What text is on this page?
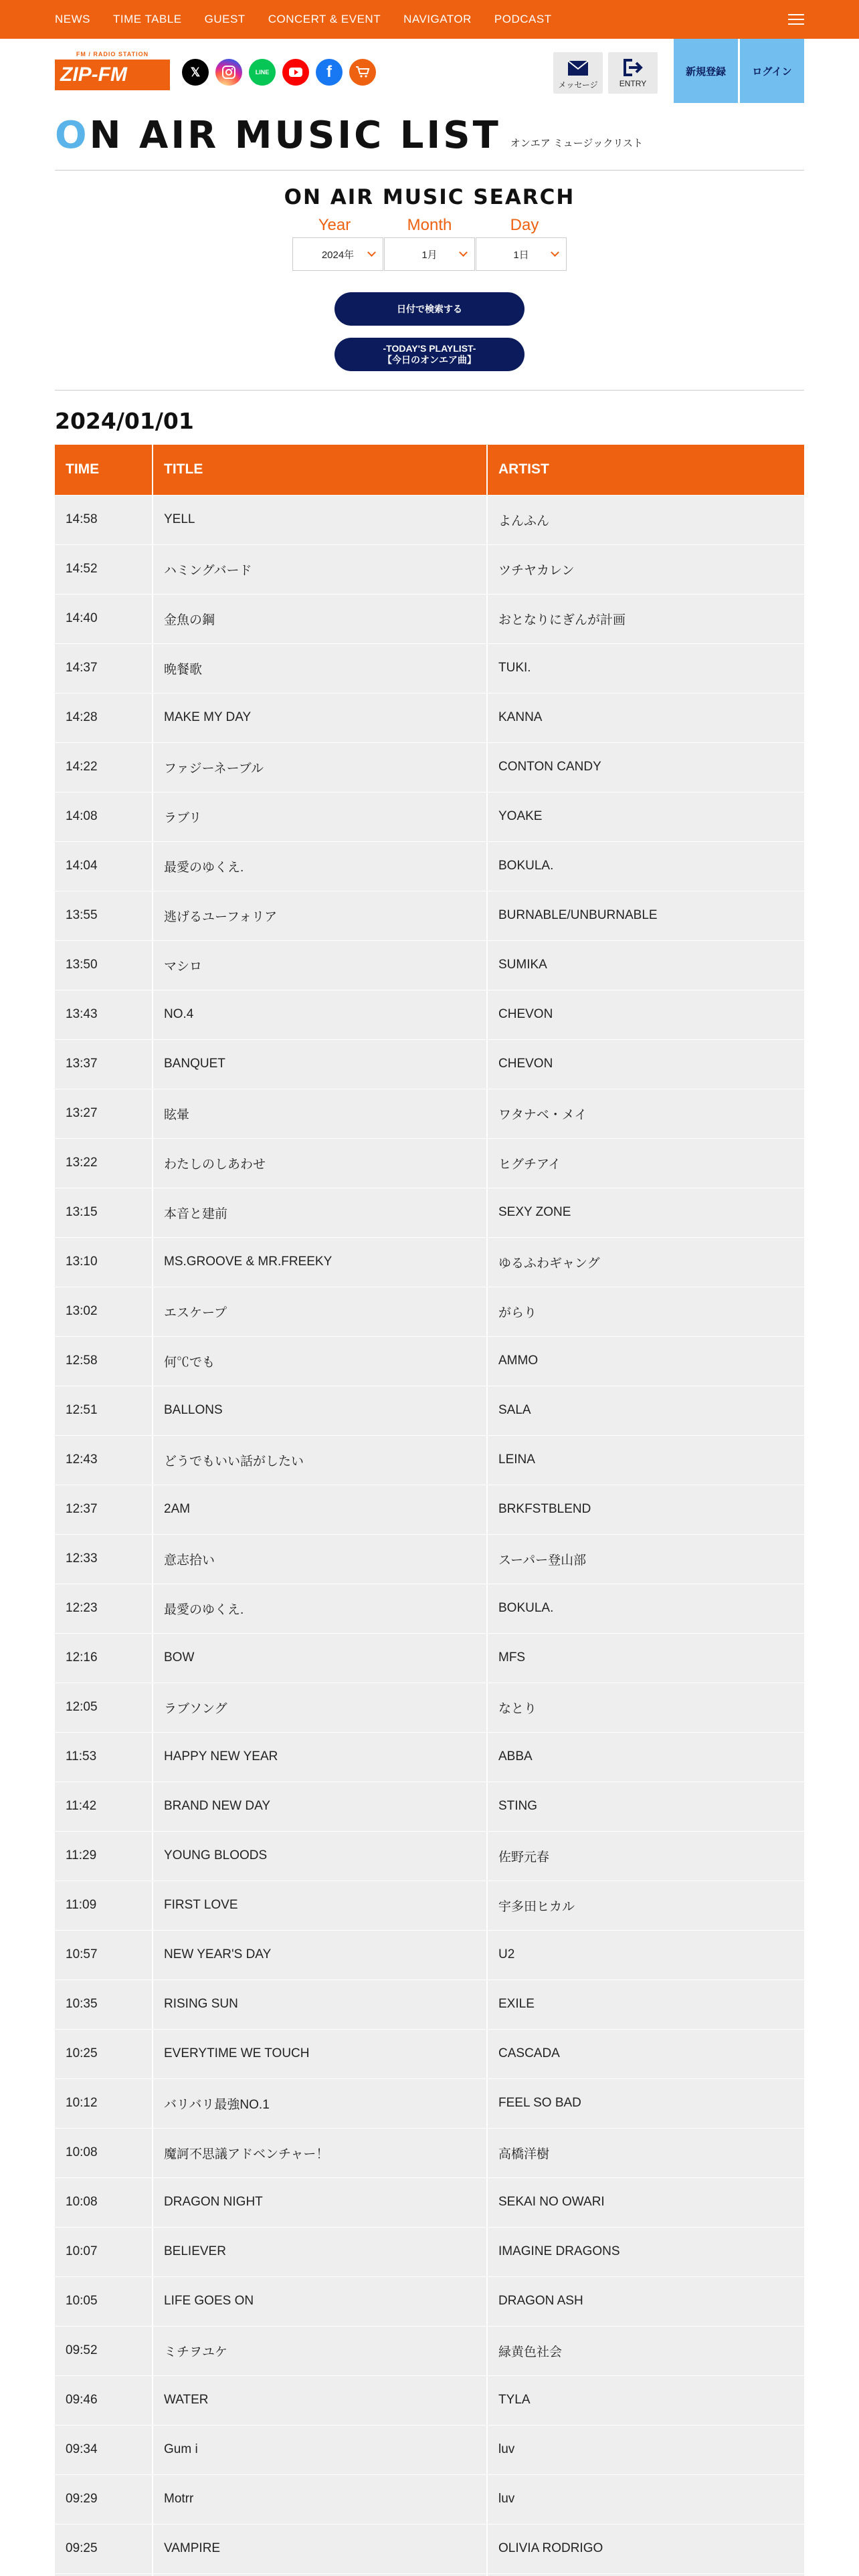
NEWS TIME TABLE GUEST CONCERT & EVENT NAVIGATOR PODCAST
FM / RADIO STATION
ZIP-FM 77.8
𝕏	LINE	f
メッセージ	ENTRY
新規登録	ログイン
ON AIR MUSIC LIST オンエア ミュージックリスト
ON AIR MUSIC SEARCH
Year	Month	Day
2024年	1月	1日
日付で検索する
-TODAY'S PLAYLIST-
【今日のオンエア曲】
2024/01/01
TIME	TITLE	ARTIST
14:58	YELL	よんふん
14:52	ハミングバード	ツチヤカレン
14:40	金魚の鋼	おとなりにぎんが計画
14:37	晩餐歌	TUKI.
14:28	MAKE MY DAY	KANNA
14:22	ファジーネーブル	CONTON CANDY
14:08	ラブリ	YOAKE
14:04	最愛のゆくえ.	BOKULA.
13:55	逃げるユーフォリア	BURNABLE/UNBURNABLE
13:50	マシロ	SUMIKA
13:43	NO.4	CHEVON
13:37	BANQUET	CHEVON
13:27	眩暈	ワタナベ・メイ
13:22	わたしのしあわせ	ヒグチアイ
13:15	本音と建前	SEXY ZONE
13:10	MS.GROOVE & MR.FREEKY	ゆるふわギャング
13:02	エスケープ	がらり
12:58	何℃でも	AMMO
12:51	BALLONS	SALA
12:43	どうでもいい話がしたい	LEINA
12:37	2AM	BRKFSTBLEND
12:33	意志拾い	スーパー登山部
12:23	最愛のゆくえ.	BOKULA.
12:16	BOW	MFS
12:05	ラブソング	なとり
11:53	HAPPY NEW YEAR	ABBA
11:42	BRAND NEW DAY	STING
11:29	YOUNG BLOODS	佐野元春
11:09	FIRST LOVE	宇多田ヒカル
10:57	NEW YEAR'S DAY	U2
10:35	RISING SUN	EXILE
10:25	EVERYTIME WE TOUCH	CASCADA
10:12	バリバリ最強NO.1	FEEL SO BAD
10:08	魔訶不思議アドベンチャー！	高橋洋樹
10:08	DRAGON NIGHT	SEKAI NO OWARI
10:07	BELIEVER	IMAGINE DRAGONS
10:05	LIFE GOES ON	DRAGON ASH
09:52	ミチヲユケ	緑黄色社会
09:46	WATER	TYLA
09:34	Gum i	luv
09:29	Motrr	luv
09:25	VAMPIRE	OLIVIA RODRIGO
